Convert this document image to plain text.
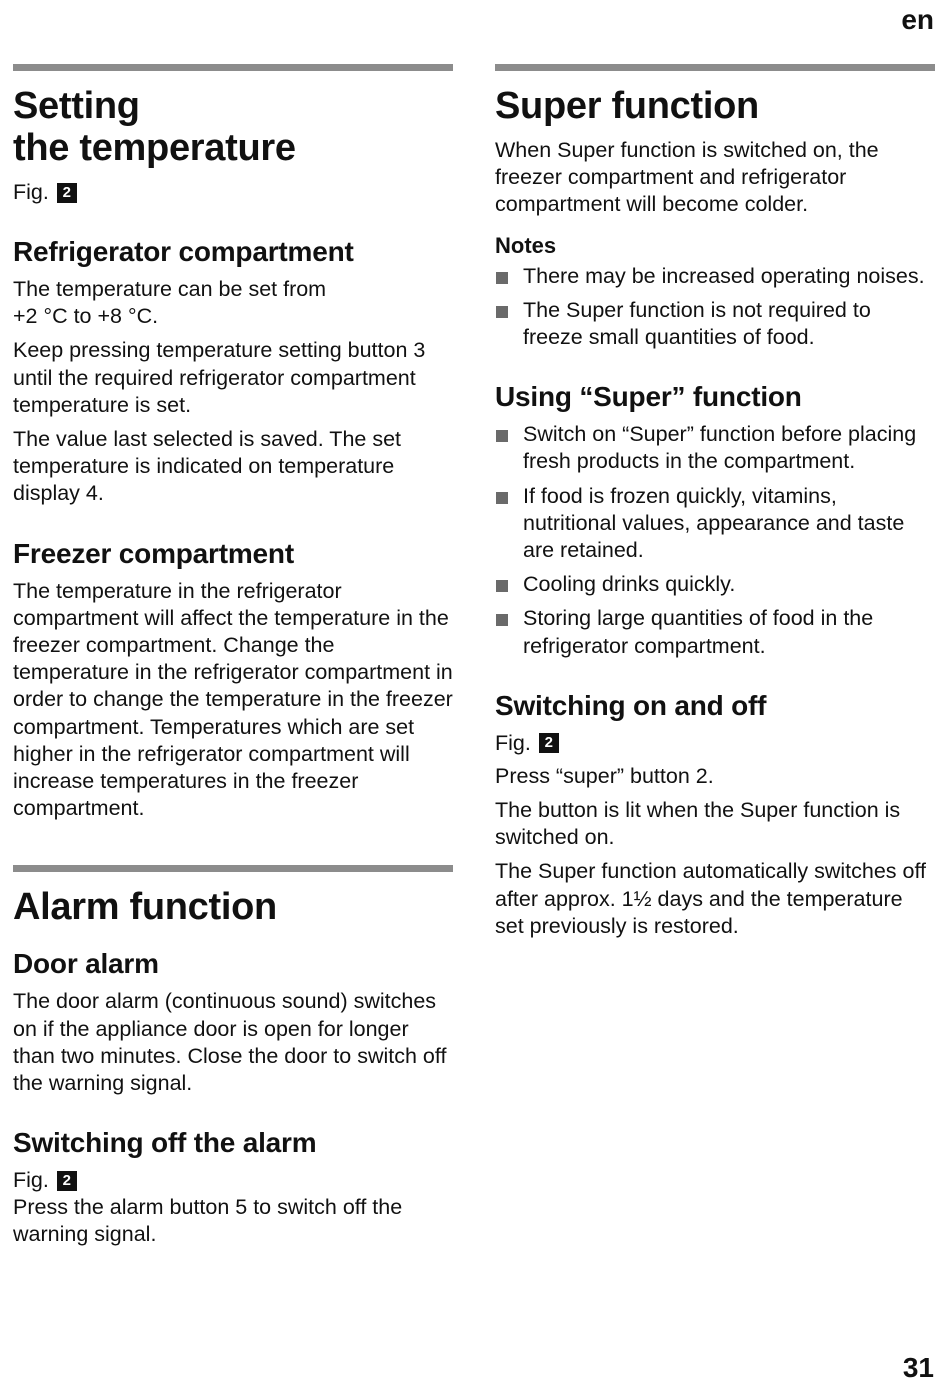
en
Setting
the temperature
Fig. 2
Refrigerator compartment

The temperature can be set from
+2 °C to +8 °C.

Keep pressing temperature setting button 3 until the required refrigerator compartment temperature is set.

The value last selected is saved. The set temperature is indicated on temperature display 4.

Freezer compartment

The temperature in the refrigerator compartment will affect the temperature in the freezer compartment. Change the temperature in the refrigerator compartment in order to change the temperature in the freezer compartment. Temperatures which are set higher in the refrigerator compartment will increase temperatures in the freezer compartment.

Alarm function
Door alarm

The door alarm (continuous sound) switches on if the appliance door is open for longer than two minutes. Close the door to switch off the warning signal.

Switching off the alarm
Fig. 2

Press the alarm button 5 to switch off the warning signal.

Super function

When Super function is switched on, the freezer compartment and refrigerator compartment will become colder.

Notes
There may be increased operating noises.
The Super function is not required to freeze small quantities of food.
Using “Super” function
Switch on “Super” function before placing fresh products in the compartment.
If food is frozen quickly, vitamins, nutritional values, appearance and taste are retained.
Cooling drinks quickly.
Storing large quantities of food in the refrigerator compartment.
Switching on and off
Fig. 2

Press “super” button 2.

The button is lit when the Super function is switched on.

The Super function automatically switches off after approx. 1½ days and the temperature set previously is restored.

31
